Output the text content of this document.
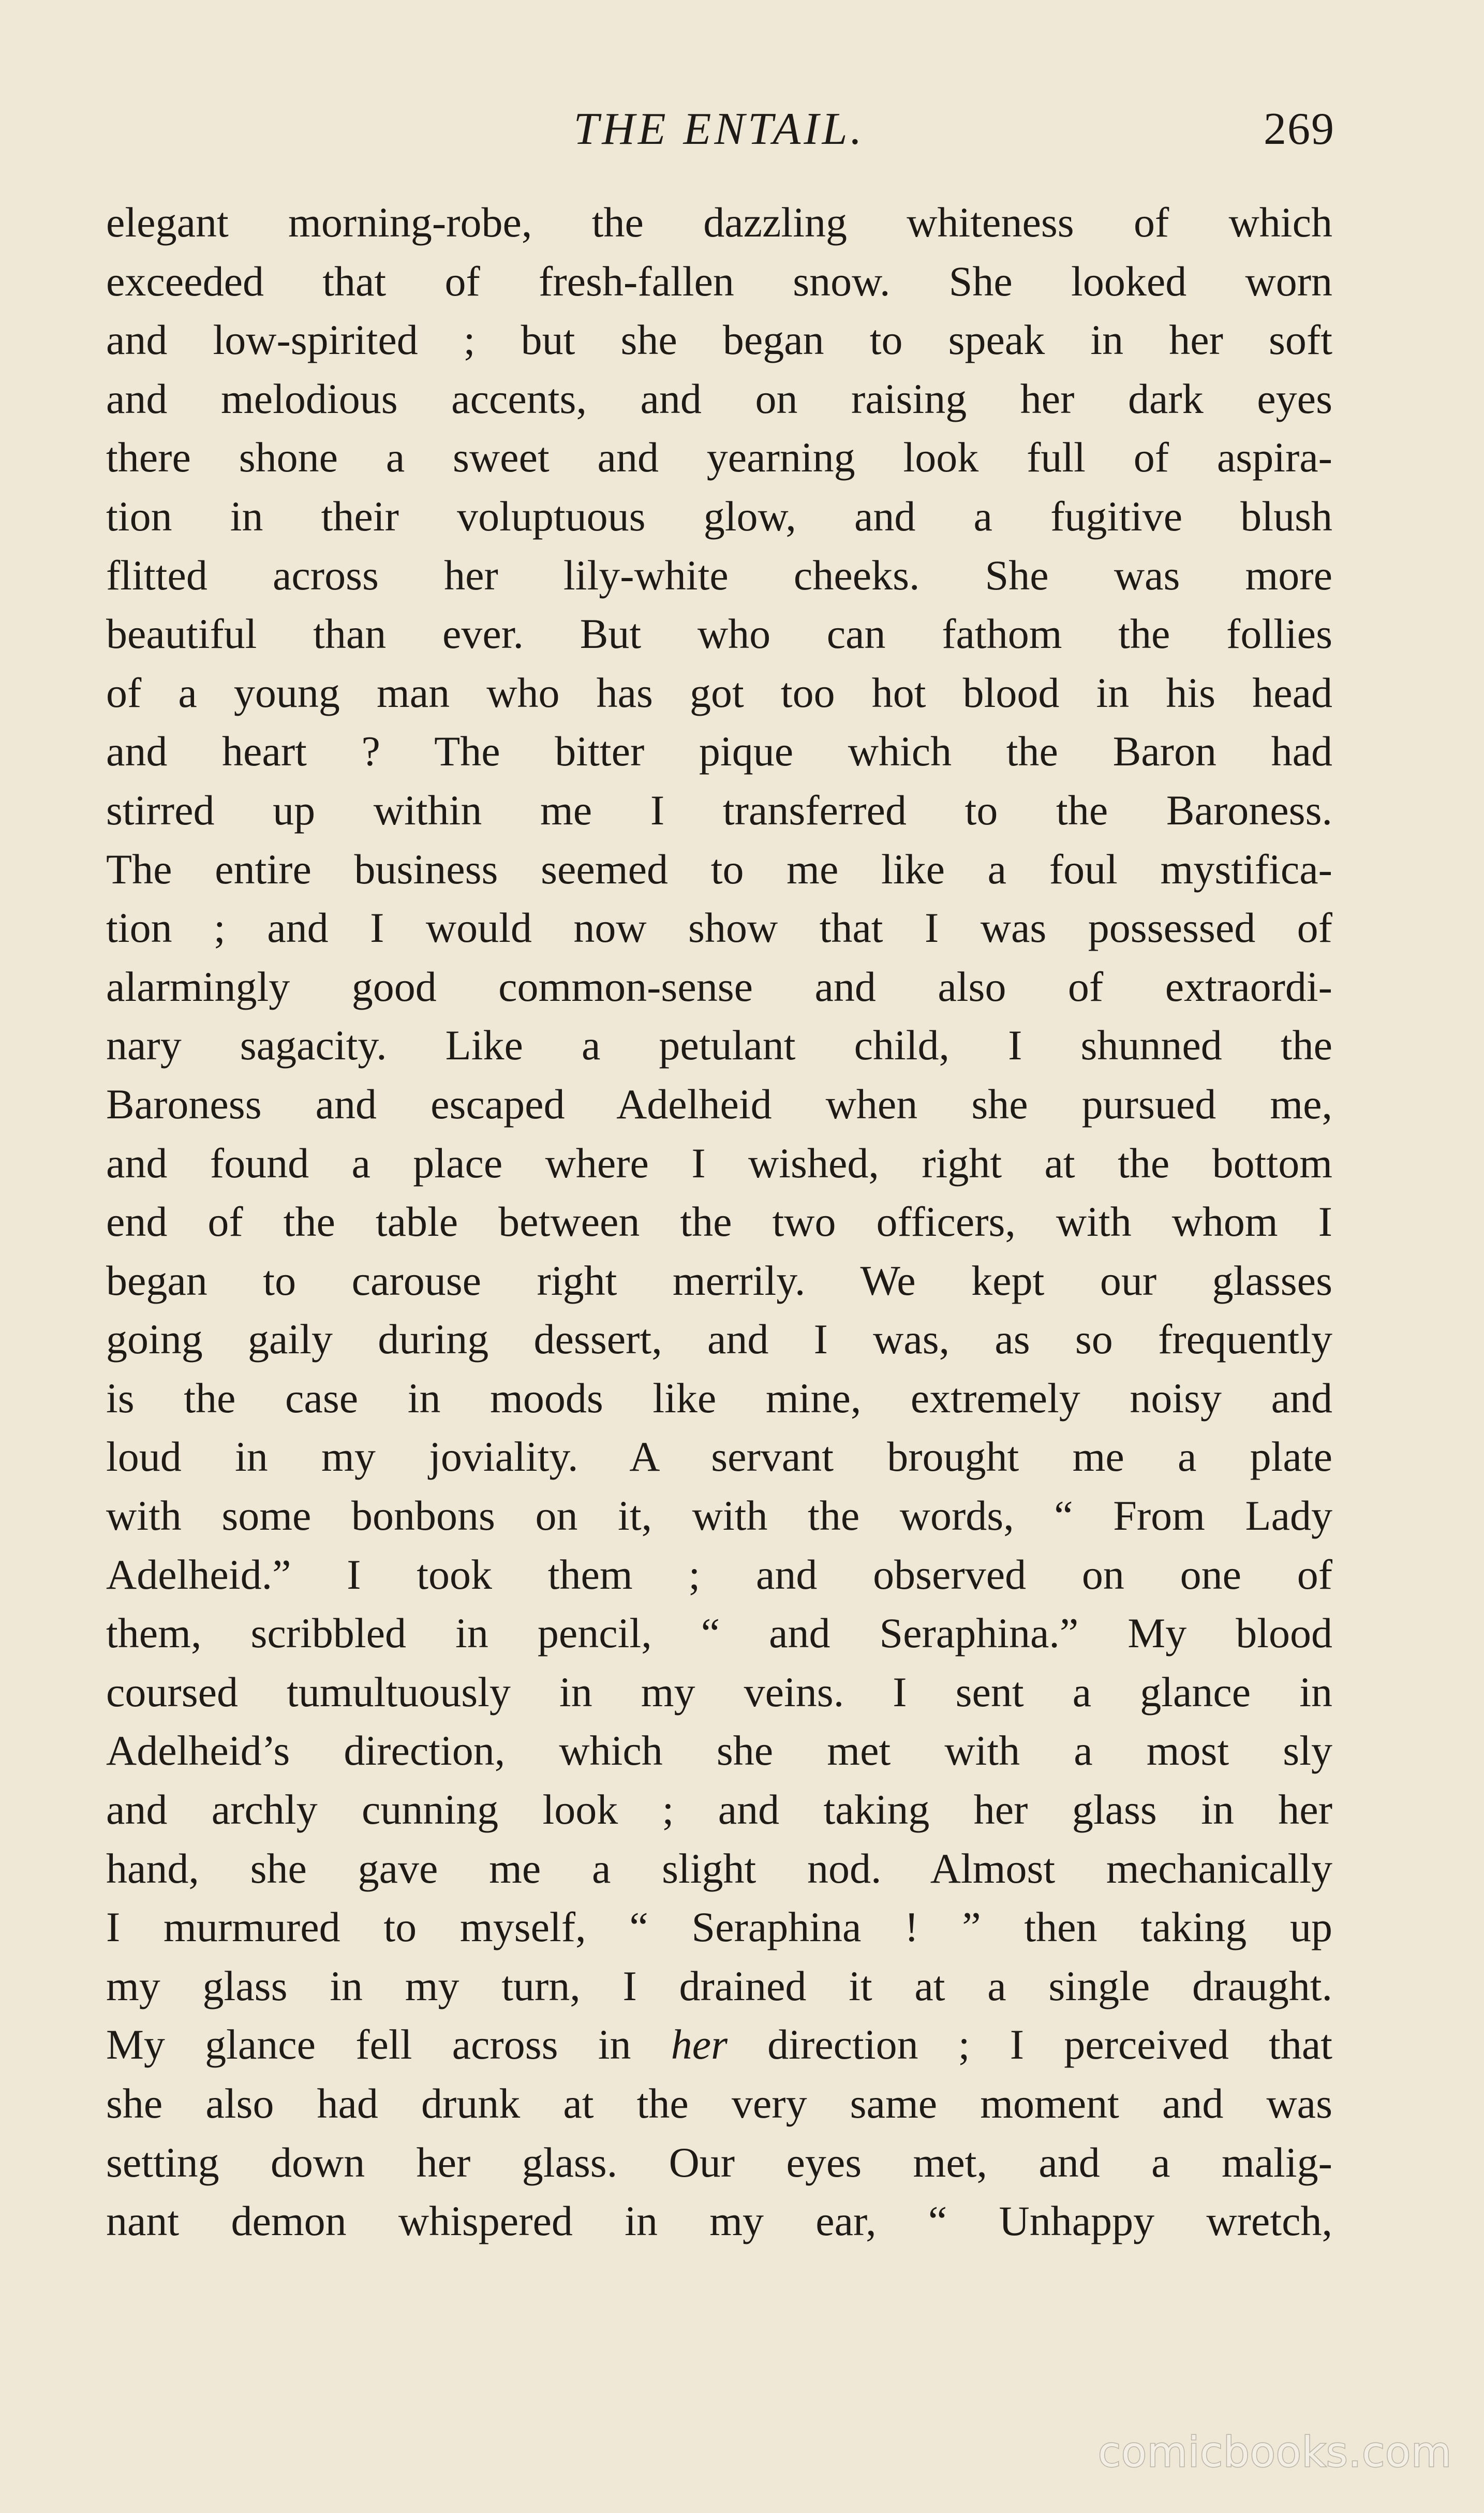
THE ENTAIL.	269
elegant morning-robe, the dazzling whiteness of which
exceeded that of fresh-fallen snow. She looked worn
and low-spirited ; but she began to speak in her soft
and melodious accents, and on raising her dark eyes
there shone a sweet and yearning look full of aspira-
tion in their voluptuous glow, and a fugitive blush
flitted across her lily-white cheeks. She was more
beautiful than ever. But who can fathom the follies
of a young man who has got too hot blood in his head
and heart ? The bitter pique which the Baron had
stirred up within me I transferred to the Baroness.
The entire business seemed to me like a foul mystifica-
tion ; and I would now show that I was possessed of
alarmingly good common-sense and also of extraordi-
nary sagacity. Like a petulant child, I shunned the
Baroness and escaped Adelheid when she pursued me,
and found a place where I wished, right at the bottom
end of the table between the two officers, with whom I
began to carouse right merrily. We kept our glasses
going gaily during dessert, and I was, as so frequently
is the case in moods like mine, extremely noisy and
loud in my joviality. A servant brought me a plate
with some bonbons on it, with the words, “ From Lady
Adelheid.” I took them ; and observed on one of
them, scribbled in pencil, “ and Seraphina.” My blood
coursed tumultuously in my veins. I sent a glance in
Adelheid’s direction, which she met with a most sly
and archly cunning look ; and taking her glass in her
hand, she gave me a slight nod. Almost mechanically
I murmured to myself, “ Seraphina ! ” then taking up
my glass in my turn, I drained it at a single draught.
My glance fell across in her direction ; I perceived that
she also had drunk at the very same moment and was
setting down her glass. Our eyes met, and a malig-
nant demon whispered in my ear, “ Unhappy wretch,
comicbooks.com
